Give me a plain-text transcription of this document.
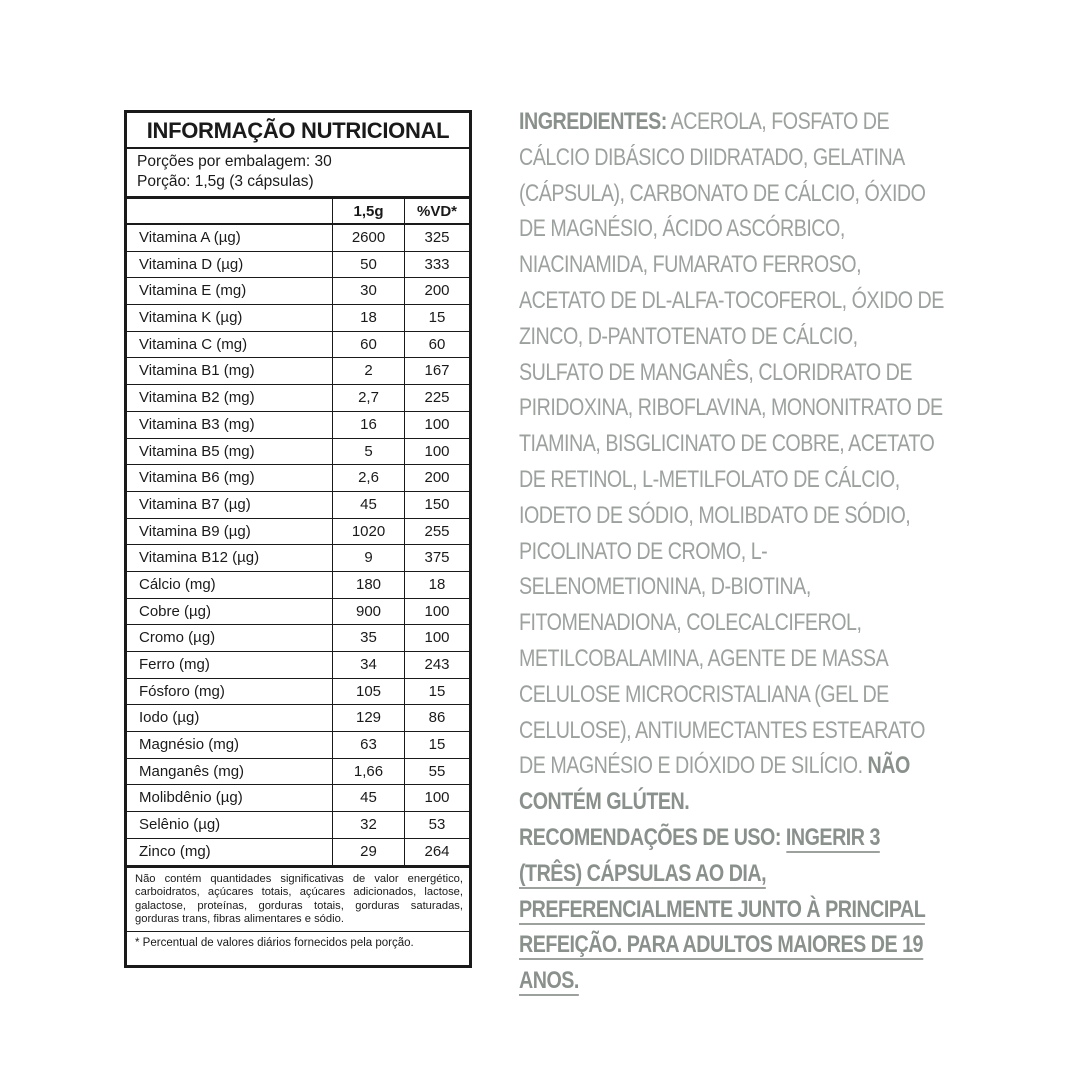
INFORMAÇÃO NUTRICIONAL
Porções por embalagem: 30
Porção: 1,5g (3 cápsulas)
1,5g	%VD*
Vitamina A (µg)	2600	325
Vitamina D (µg)	50	333
Vitamina E (mg)	30	200
Vitamina K (µg)	18	15
Vitamina C (mg)	60	60
Vitamina B1 (mg)	2	167
Vitamina B2 (mg)	2,7	225
Vitamina B3 (mg)	16	100
Vitamina B5 (mg)	5	100
Vitamina B6 (mg)	2,6	200
Vitamina B7 (µg)	45	150
Vitamina B9 (µg)	1020	255
Vitamina B12 (µg)	9	375
Cálcio (mg)	180	18
Cobre (µg)	900	100
Cromo (µg)	35	100
Ferro (mg)	34	243
Fósforo (mg)	105	15
Iodo (µg)	129	86
Magnésio (mg)	63	15
Manganês (mg)	1,66	55
Molibdênio (µg)	45	100
Selênio (µg)	32	53
Zinco (mg)	29	264
Não contém quantidades significativas de valor energético, carboidratos, açúcares totais, açúcares adicionados, lactose, galactose, proteínas, gorduras totais, gorduras saturadas, gorduras trans, fibras alimentares e sódio.
* Percentual de valores diários fornecidos pela porção.
INGREDIENTES: ACEROLA, FOSFATO DE CÁLCIO DIBÁSICO DIIDRATADO, GELATINA (CÁPSULA), CARBONATO DE CÁLCIO, ÓXIDO DE MAGNÉSIO, ÁCIDO ASCÓRBICO, NIACINAMIDA, FUMARATO FERROSO, ACETATO DE DL-ALFA-TOCOFEROL, ÓXIDO DE ZINCO, D-PANTOTENATO DE CÁLCIO, SULFATO DE MANGANÊS, CLORIDRATO DE PIRIDOXINA, RIBOFLAVINA, MONONITRATO DE TIAMINA, BISGLICINATO DE COBRE, ACETATO DE RETINOL, L-METILFOLATO DE CÁLCIO, IODETO DE SÓDIO, MOLIBDATO DE SÓDIO, PICOLINATO DE CROMO, L-SELENOMETIONINA, D-BIOTINA, FITOMENADIONA, COLECALCIFEROL, METILCOBALAMINA, AGENTE DE MASSA CELULOSE MICROCRISTALIANA (GEL DE CELULOSE), ANTIUMECTANTES ESTEARATO DE MAGNÉSIO E DIÓXIDO DE SILÍCIO. NÃO CONTÉM GLÚTEN.
RECOMENDAÇÕES DE USO: INGERIR 3 (TRÊS) CÁPSULAS AO DIA, PREFERENCIALMENTE JUNTO À PRINCIPAL REFEIÇÃO. PARA ADULTOS MAIORES DE 19 ANOS.
